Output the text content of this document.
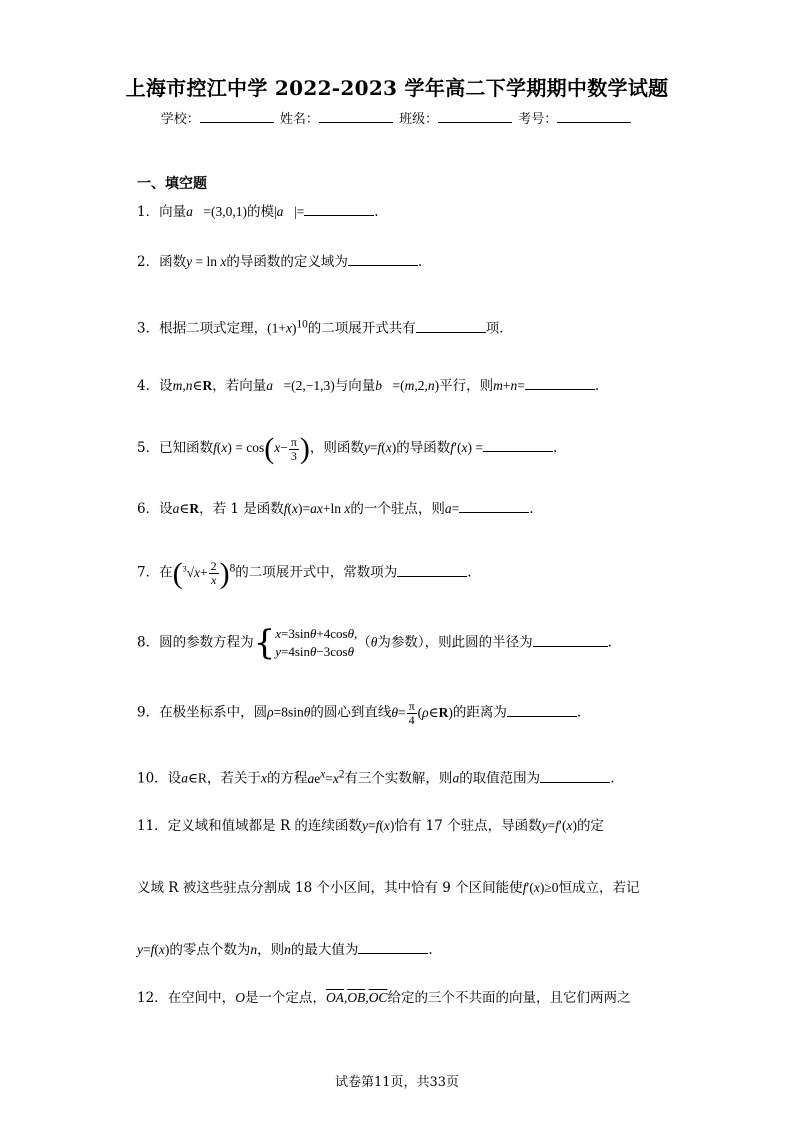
上海市控江中学 2022-2023 学年高二下学期期中数学试题
学校：	姓名：	班级：	考号：
一、填空题
1．向量a⃗=(3,0,1)的模|a⃗|=	.
2．函数y = ln x的导函数的定义域为	.
3．根据二项式定理，$(1+x)^{10}$的二项展开式共有	项.
4．设m,n∈R，若向量a⃗=(2,−1,3)与向量b⃗=(m,2,n)平行，则m+n=	.
5．已知函数$f(x) = \cos(x- \frac{\pi}{3}$ )，则函数y=f(x)的导函数f′(x) =	.
6．设a∈R，若 1 是函数f(x)=ax+ln x的一个驻点，则a=	.
7．在$(^3√x+ \frac{2}{x} )^8$的二项展开式中，常数项为	.
8．圆的参数方程为{x=3sinθ+4cosθ,
y=4sinθ−3cosθ（θ为参数），则此圆的半径为	.
9．在极坐标系中，圆ρ=8sinθ的圆心到直线$\theta= \frac{\pi}{4}$ (ρ∈R)的距离为	.
10．设a∈R，若关于x的方程$ae^x=x^2$有三个实数解，则a的取值范围为	.
11．定义域和值域都是 R 的连续函数y=f(x)恰有 17 个驻点，导函数y=f′(x)的定
义域 R 被这些驻点分割成 18 个小区间，其中恰有 9 个区间能使f′(x)≥0恒成立，若记
y=f(x)的零点个数为n，则n的最大值为	.
12．在空间中，O是一个定点，$\overline{OA},\overline{OB},\overline{OC}$给定的三个不共面的向量，且它们两两之
试卷第11页，共33页
